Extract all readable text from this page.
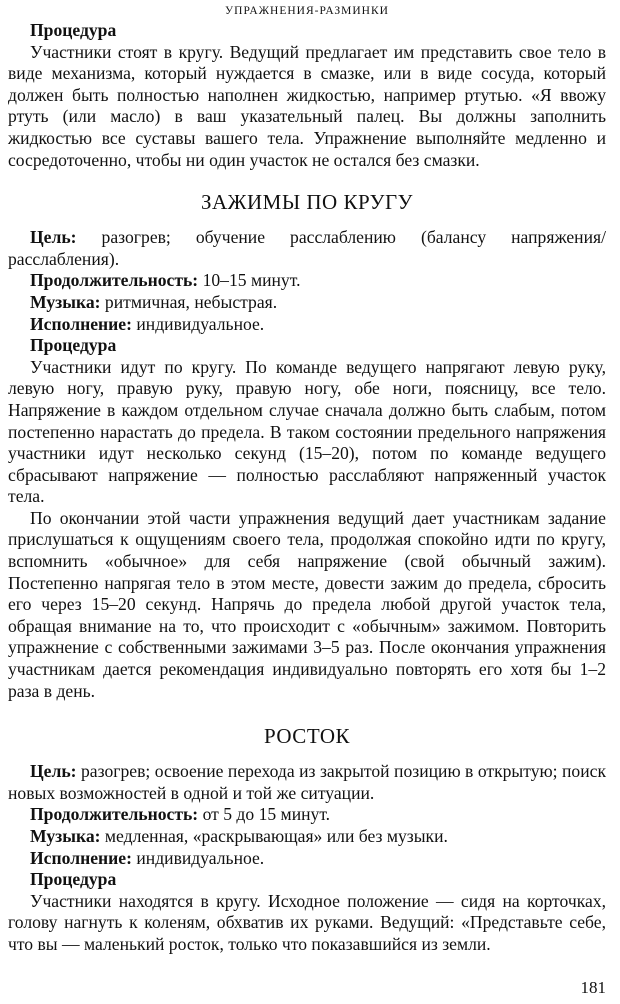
УПРАЖНЕНИЯ-РАЗМИНКИ

Процедура

Участники стоят в кругу. Ведущий предлагает им представить свое тело в виде механизма, который нуждается в смазке, или в виде сосуда, который должен быть полностью наполнен жидкостью, например ртутью. «Я ввожу ртуть (или масло) в ваш указательный палец. Вы должны заполнить жидкостью все суставы вашего тела. Упражнение выполняйте медленно и сосредоточенно, чтобы ни один участок не остался без смазки.

ЗАЖИМЫ ПО КРУГУ

Цель: разогрев; обучение расслаблению (балансу напряжения/расслабления).

Продолжительность: 10–15 минут.

Музыка: ритмичная, небыстрая.

Исполнение: индивидуальное.

Процедура

Участники идут по кругу. По команде ведущего напрягают левую руку, левую ногу, правую руку, правую ногу, обе ноги, поясницу, все тело. Напряжение в каждом отдельном случае сначала должно быть слабым, потом постепенно нарастать до предела. В таком состоянии предельного напряжения участники идут несколько секунд (15–20), потом по команде ведущего сбрасывают напряжение — полностью расслабляют напряженный участок тела.

По окончании этой части упражнения ведущий дает участникам задание прислушаться к ощущениям своего тела, продолжая спокойно идти по кругу, вспомнить «обычное» для себя напряжение (свой обычный зажим). Постепенно напрягая тело в этом месте, довести зажим до предела, сбросить его через 15–20 секунд. Напрячь до предела любой другой участок тела, обращая внимание на то, что происходит с «обычным» зажимом. Повторить упражнение с собственными зажимами 3–5 раз. После окончания упражнения участникам дается рекомендация индивидуально повторять его хотя бы 1–2 раза в день.

РОСТОК

Цель: разогрев; освоение перехода из закрытой позицию в открытую; поиск новых возможностей в одной и той же ситуации.

Продолжительность: от 5 до 15 минут.

Музыка: медленная, «раскрывающая» или без музыки.

Исполнение: индивидуальное.

Процедура

Участники находятся в кругу. Исходное положение — сидя на корточках, голову нагнуть к коленям, обхватив их руками. Ведущий: «Представьте себе, что вы — маленький росток, только что показавшийся из земли.

181
